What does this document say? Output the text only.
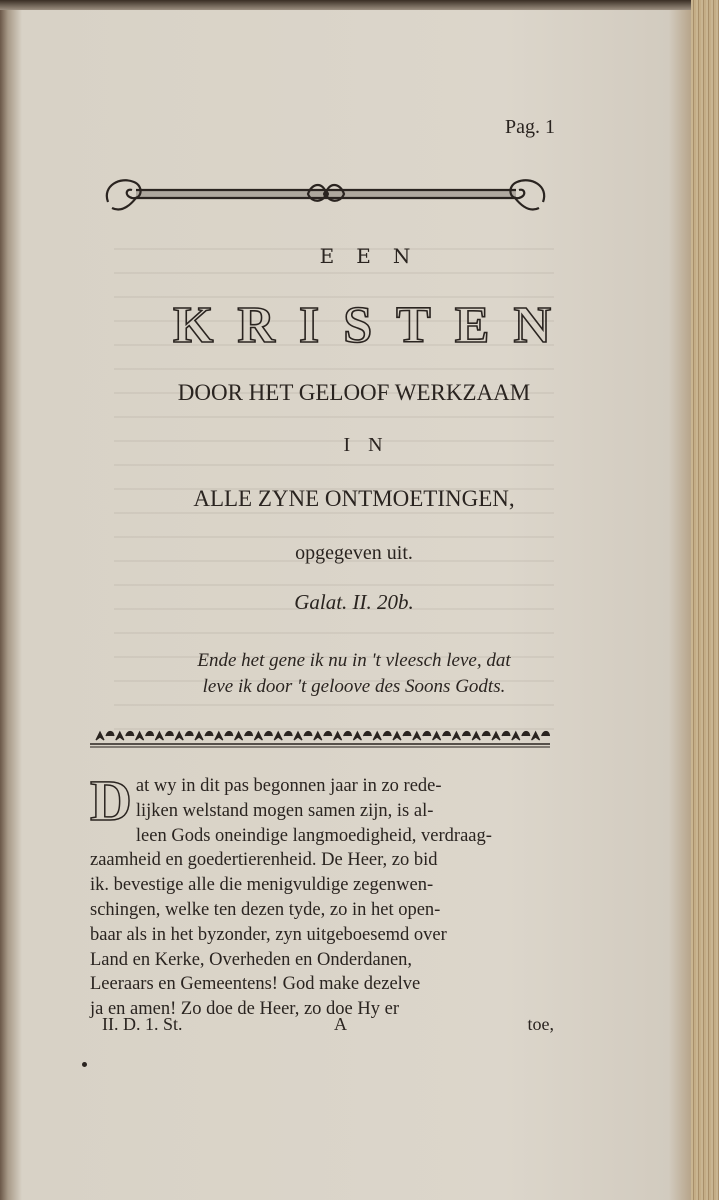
Pag. 1
EEN
KRISTEN
DOOR HET GELOOF WERKZAAM
IN
ALLE ZYNE ONTMOETINGEN,
opgegeven uit.
Galat. II. 20b.
Ende het gene ik nu in 't vleesch leve, dat
leve ik door 't geloove des Soons Godts.
D at wy in dit pas begonnen jaar in zo rede-
lijken welstand mogen samen zijn, is al-
leen Gods oneindige langmoedigheid, verdraag-
zaamheid en goedertierenheid. De Heer, zo bid
ik. bevestige alle die menigvuldige zegenwen-
schingen, welke ten dezen tyde, zo in het open-
baar als in het byzonder, zyn uitgeboesemd over
Land en Kerke, Overheden en Onderdanen,
Leeraars en Gemeentens! God make dezelve
ja en amen! Zo doe de Heer, zo doe Hy er
II. D. 1. St.	A	toe,
